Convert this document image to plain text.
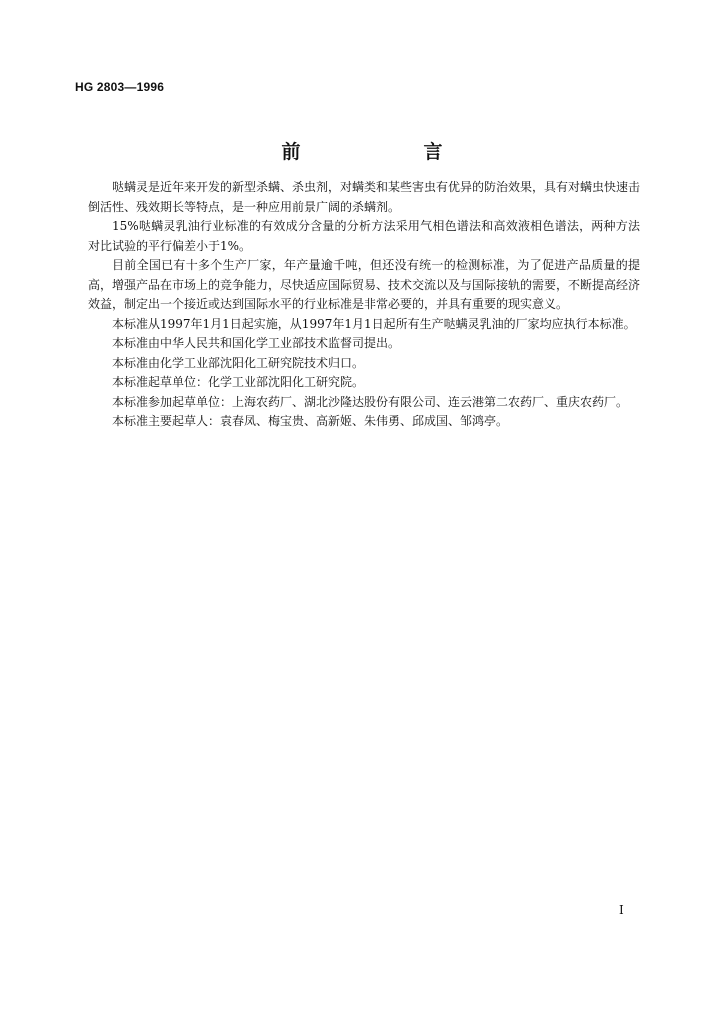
HG 2803—1996
前　言

哒螨灵是近年来开发的新型杀螨、杀虫剂，对螨类和某些害虫有优异的防治效果，具有对螨虫快速击倒活性、残效期长等特点，是一种应用前景广阔的杀螨剂。

15%哒螨灵乳油行业标准的有效成分含量的分析方法采用气相色谱法和高效液相色谱法，两种方法对比试验的平行偏差小于1%。

目前全国已有十多个生产厂家，年产量逾千吨，但还没有统一的检测标准，为了促进产品质量的提高，增强产品在市场上的竞争能力，尽快适应国际贸易、技术交流以及与国际接轨的需要，不断提高经济效益，制定出一个接近或达到国际水平的行业标准是非常必要的，并具有重要的现实意义。

本标准从1997年1月1日起实施，从1997年1月1日起所有生产哒螨灵乳油的厂家均应执行本标准。

本标准由中华人民共和国化学工业部技术监督司提出。

本标准由化学工业部沈阳化工研究院技术归口。

本标准起草单位：化学工业部沈阳化工研究院。

本标准参加起草单位：上海农药厂、湖北沙隆达股份有限公司、连云港第二农药厂、重庆农药厂。

本标准主要起草人：袁春凤、梅宝贵、高新姬、朱伟勇、邱成国、邹鸿亭。

I
